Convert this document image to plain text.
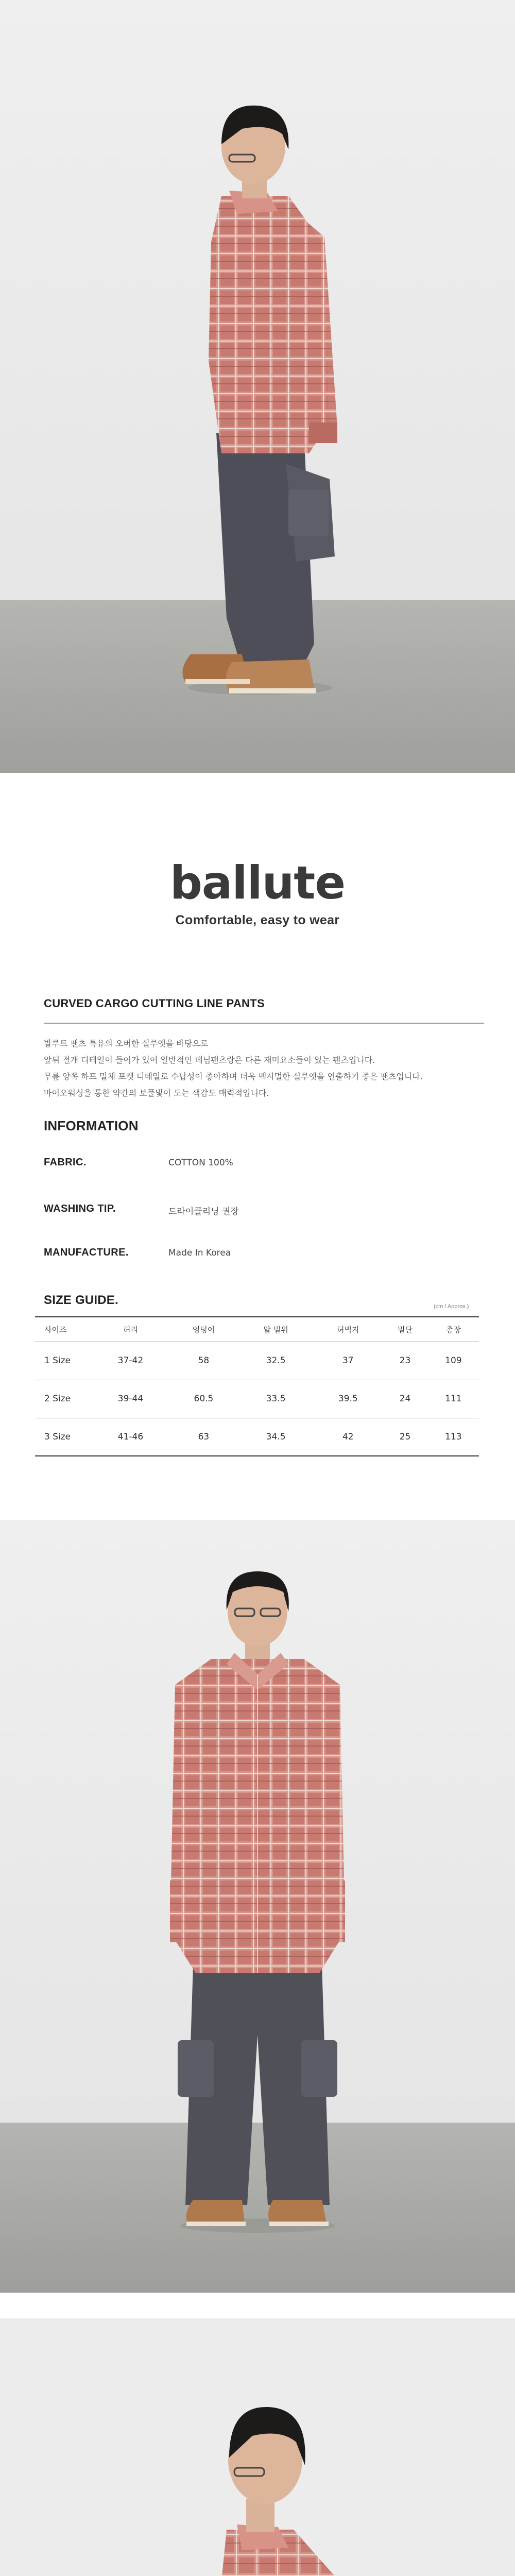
ballute
Comfortable, easy to wear
CURVED CARGO CUTTING LINE PANTS
발루트 팬츠 특유의 오버한 실루엣을 바탕으로
앞뒤 절개 디테일이 들어가 있어 일반적인 데님팬츠랑은 다른 재미요소들이 있는 팬츠입니다.
무릎 양쪽 하프 밀체 포켓 디테일로 수납성이 좋아하며 더욱 멕시멀한 실루엣을 연출하기 좋은 팬츠입니다.
바이오워싱을 통한 약간의 보풀빛이 도는 색감도 매력적입니다.
INFORMATION
FABRIC.	COTTON 100%
WASHING TIP.	드라이클리닝 권장
MANUFACTURE.	Made In Korea
SIZE GUIDE.	(cm / Approx.)
사이즈	허리	엉덩이	알 밑위	허벅지	밑단	총장
1 Size	37-42	58	32.5	37	23	109
2 Size	39-44	60.5	33.5	39.5	24	111
3 Size	41-46	63	34.5	42	25	113
